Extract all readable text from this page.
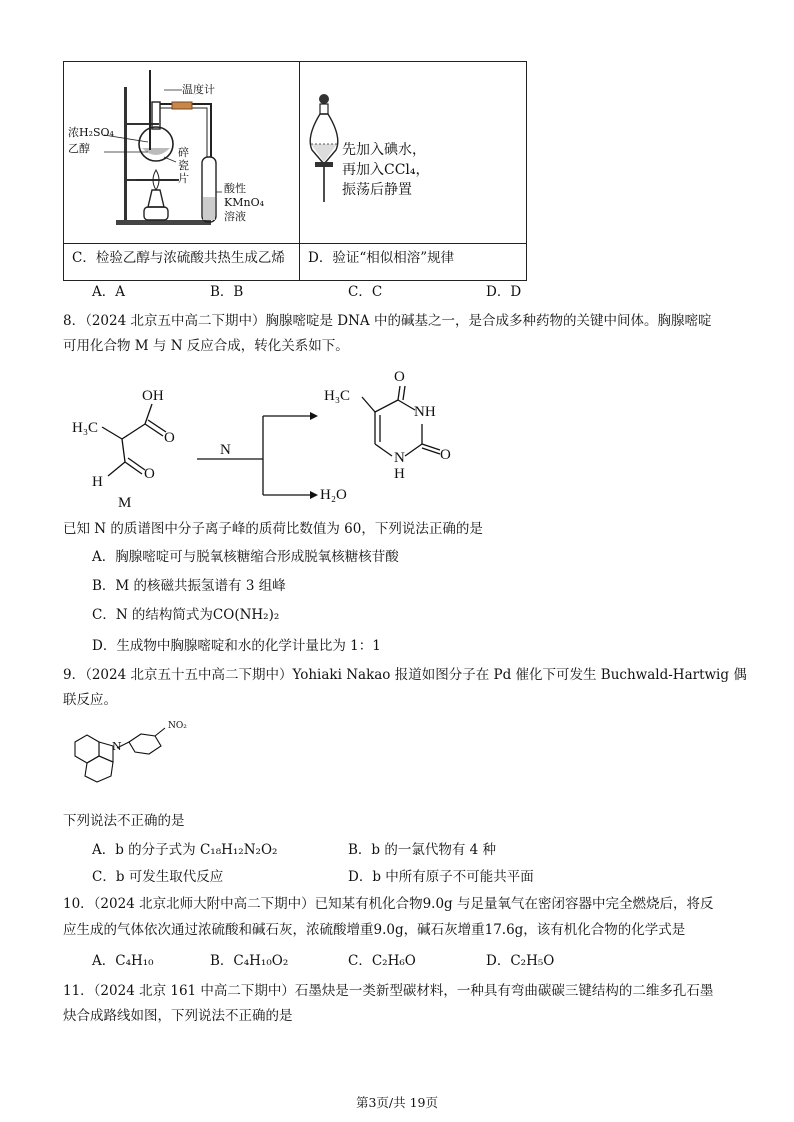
温度计
浓H₂SO₄
乙醇	碎
瓷
片
酸性
KMnO₄
溶液
先加入碘水，
再加入CCl₄，
振荡后静置
C．检验乙醇与浓硫酸共热生成乙烯 D．验证“相似相溶”规律
A．A	B．B	C．C	D．D
8．（2024 北京五中高二下期中）胸腺嘧啶是 DNA 中的碱基之一，是合成多种药物的关键中间体。胸腺嘧啶
可用化合物 M 与 N 反应合成，转化关系如下。
OH
H₃C
O
H	O
M
N
H₃C
O
NH
O
N
H
H₂O
已知 N 的质谱图中分子离子峰的质荷比数值为 60，下列说法正确的是
A．胸腺嘧啶可与脱氧核糖缩合形成脱氧核糖核苷酸
B．M 的核磁共振氢谱有 3 组峰
C．N 的结构简式为CO(NH₂)₂
D．生成物中胸腺嘧啶和水的化学计量比为 1：1
9．（2024 北京五十五中高二下期中）Yohiaki Nakao 报道如图分子在 Pd 催化下可发生 Buchwald-Hartwig 偶
联反应。
N
NO₂
下列说法不正确的是
A．b 的分子式为 C₁₈H₁₂N₂O₂	B．b 的一氯代物有 4 种
C．b 可发生取代反应	D．b 中所有原子不可能共平面
10．（2024 北京北师大附中高二下期中）已知某有机化合物9.0g 与足量氧气在密闭容器中完全燃烧后，将反
应生成的气体依次通过浓硫酸和碱石灰，浓硫酸增重9.0g，碱石灰增重17.6g，该有机化合物的化学式是
A．C₄H₁₀	B．C₄H₁₀O₂	C．C₂H₆O	D．C₂H₅O
11．（2024 北京 161 中高二下期中）石墨炔是一类新型碳材料，一种具有弯曲碳碳三键结构的二维多孔石墨
炔合成路线如图，下列说法不正确的是
第3页/共 19页
